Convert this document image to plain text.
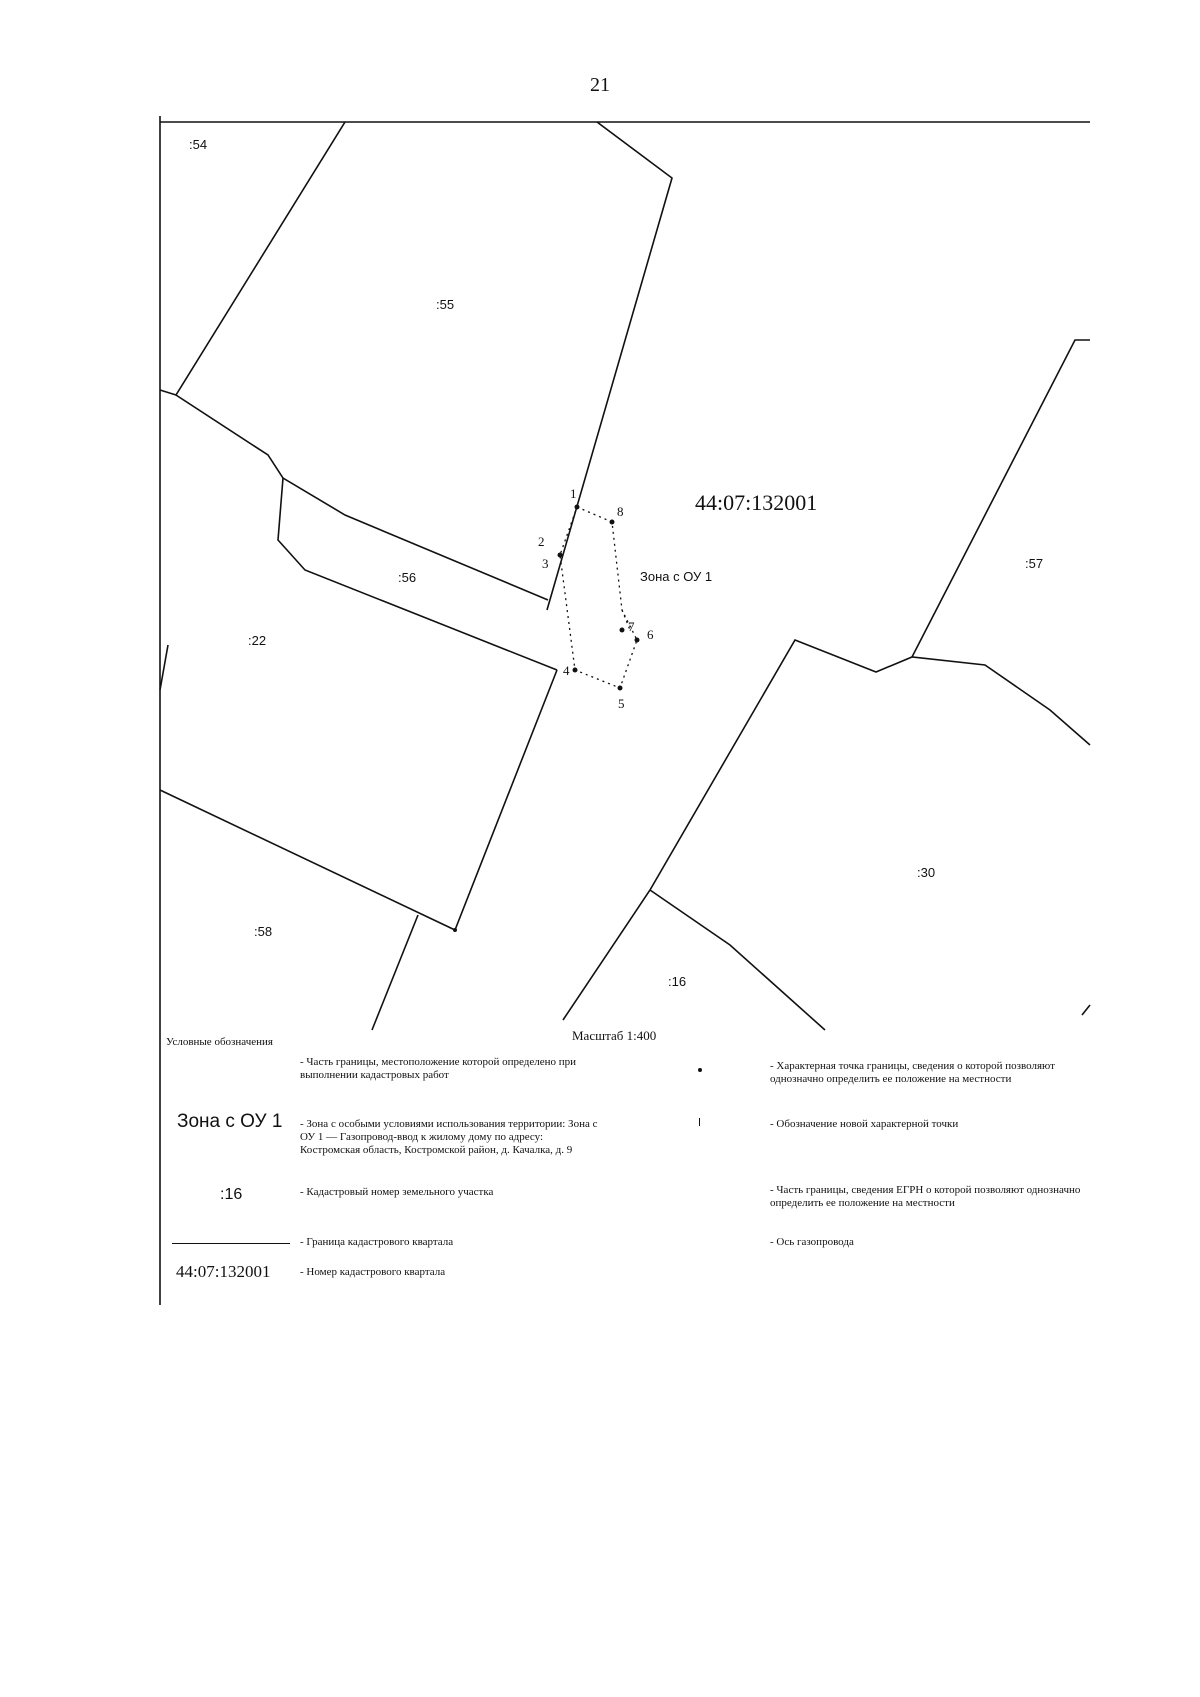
21
44:07:132001
Зона с ОУ 1
Масштаб 1:400
:54
:55
:56
:22
:58
:57
:30
:16
1
2
3
4
5
6
7
8
Условные обозначения
- Часть границы, местоположение которой определено при выполнении кадастровых работ
Зона с ОУ 1 - Зона с особыми условиями использования территории: Зона с ОУ 1 — Газопровод-ввод к жилому дому по адресу: Костромская область, Костромской район, д. Качалка, д. 9
:16	- Кадастровый номер земельного участка
- Граница кадастрового квартала
44:07:132001	- Номер кадастрового квартала
- Характерная точка границы, сведения о которой позволяют однозначно определить ее положение на местности
- Обозначение новой характерной точки
- Часть границы, сведения ЕГРН о которой позволяют однозначно определить ее положение на местности
- Ось газопровода
